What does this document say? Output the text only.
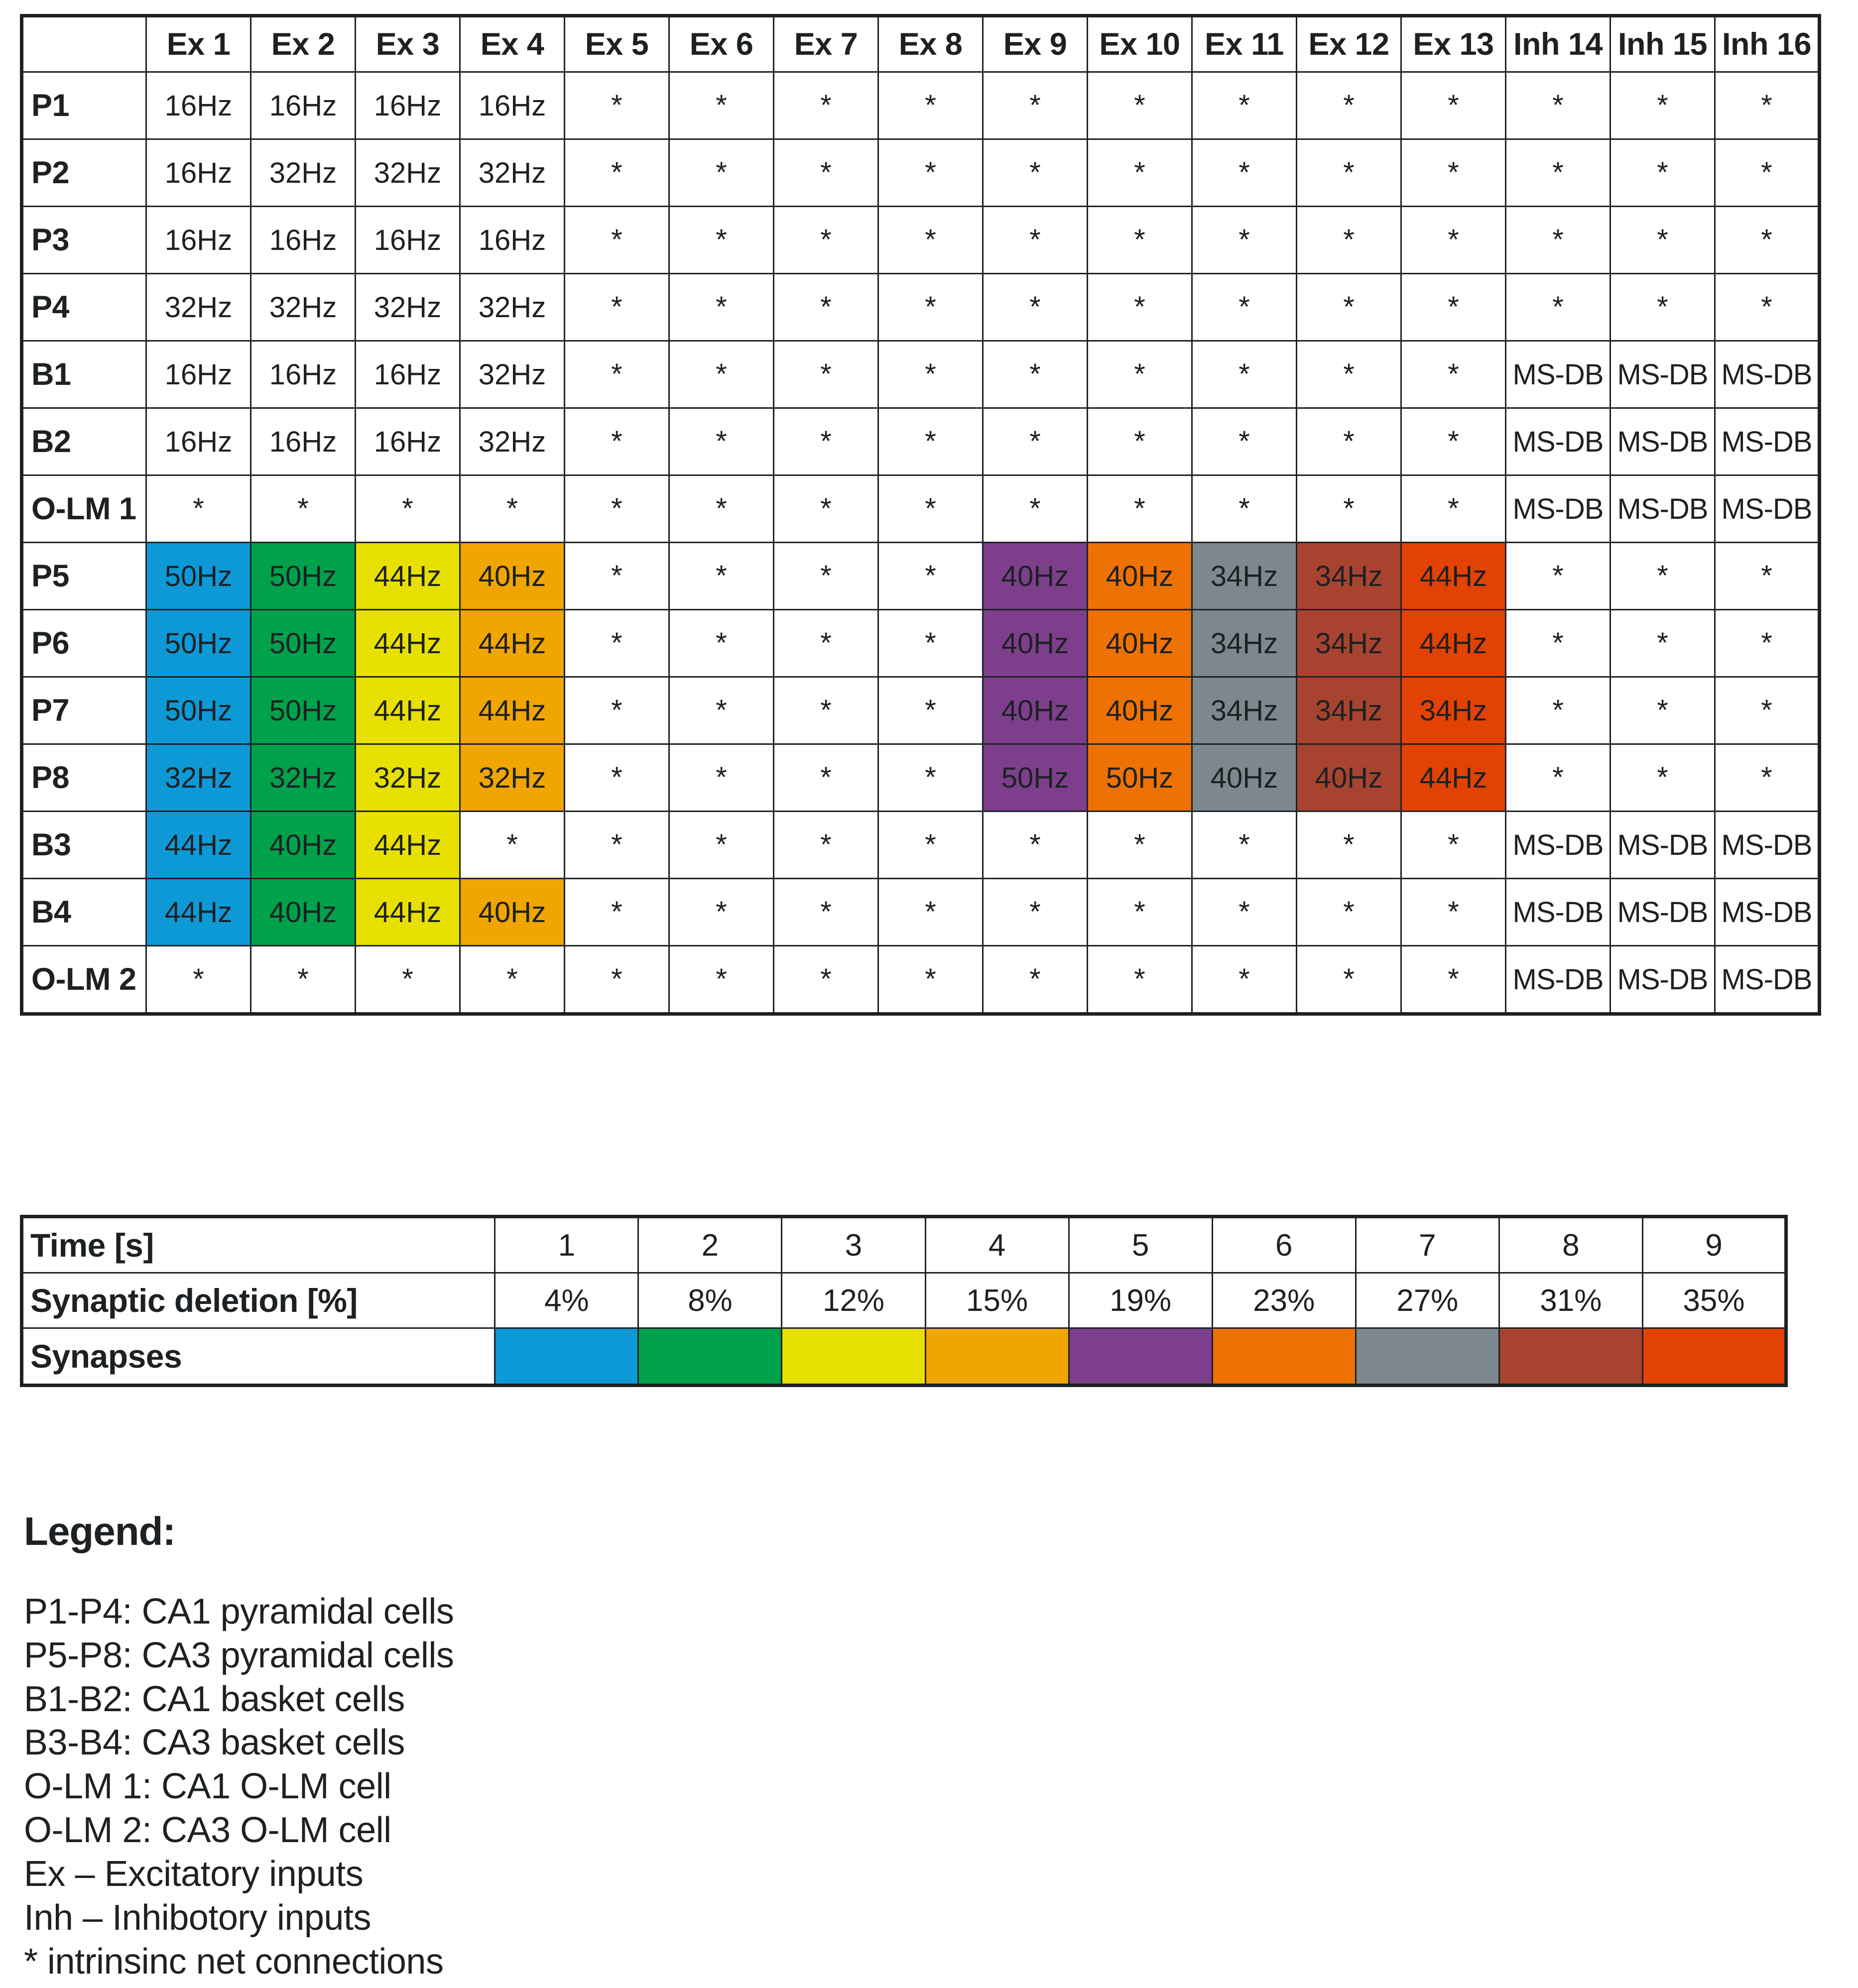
	Ex 1	Ex 2	Ex 3	Ex 4	Ex 5	Ex 6	Ex 7	Ex 8	Ex 9	Ex 10	Ex 11	Ex 12	Ex 13	Inh 14	Inh 15	Inh 16
P1	16Hz	16Hz	16Hz	16Hz	*	*	*	*	*	*	*	*	*	*	*	*
P2	16Hz	32Hz	32Hz	32Hz	*	*	*	*	*	*	*	*	*	*	*	*
P3	16Hz	16Hz	16Hz	16Hz	*	*	*	*	*	*	*	*	*	*	*	*
P4	32Hz	32Hz	32Hz	32Hz	*	*	*	*	*	*	*	*	*	*	*	*
B1	16Hz	16Hz	16Hz	32Hz	*	*	*	*	*	*	*	*	*	MS-DB	MS-DB	MS-DB
B2	16Hz	16Hz	16Hz	32Hz	*	*	*	*	*	*	*	*	*	MS-DB	MS-DB	MS-DB
O-LM 1	*	*	*	*	*	*	*	*	*	*	*	*	*	MS-DB	MS-DB	MS-DB
P5	50Hz	50Hz	44Hz	40Hz	*	*	*	*	40Hz	40Hz	34Hz	34Hz	44Hz	*	*	*
P6	50Hz	50Hz	44Hz	44Hz	*	*	*	*	40Hz	40Hz	34Hz	34Hz	44Hz	*	*	*
P7	50Hz	50Hz	44Hz	44Hz	*	*	*	*	40Hz	40Hz	34Hz	34Hz	34Hz	*	*	*
P8	32Hz	32Hz	32Hz	32Hz	*	*	*	*	50Hz	50Hz	40Hz	40Hz	44Hz	*	*	*
B3	44Hz	40Hz	44Hz	*	*	*	*	*	*	*	*	*	*	MS-DB	MS-DB	MS-DB
B4	44Hz	40Hz	44Hz	40Hz	*	*	*	*	*	*	*	*	*	MS-DB	MS-DB	MS-DB
O-LM 2	*	*	*	*	*	*	*	*	*	*	*	*	*	MS-DB	MS-DB	MS-DB
Time [s]	1	2	3	4	5	6	7	8	9
Synaptic deletion [%]	4%	8%	12%	15%	19%	23%	27%	31%	35%
Synapses									
Legend:
P1-P4: CA1 pyramidal cells
P5-P8: CA3 pyramidal cells
B1-B2: CA1 basket cells
B3-B4: CA3 basket cells
O-LM 1: CA1 O-LM cell
O-LM 2: CA3 O-LM cell
Ex – Excitatory inputs
Inh – Inhibotory inputs
* intrinsinc net connections
